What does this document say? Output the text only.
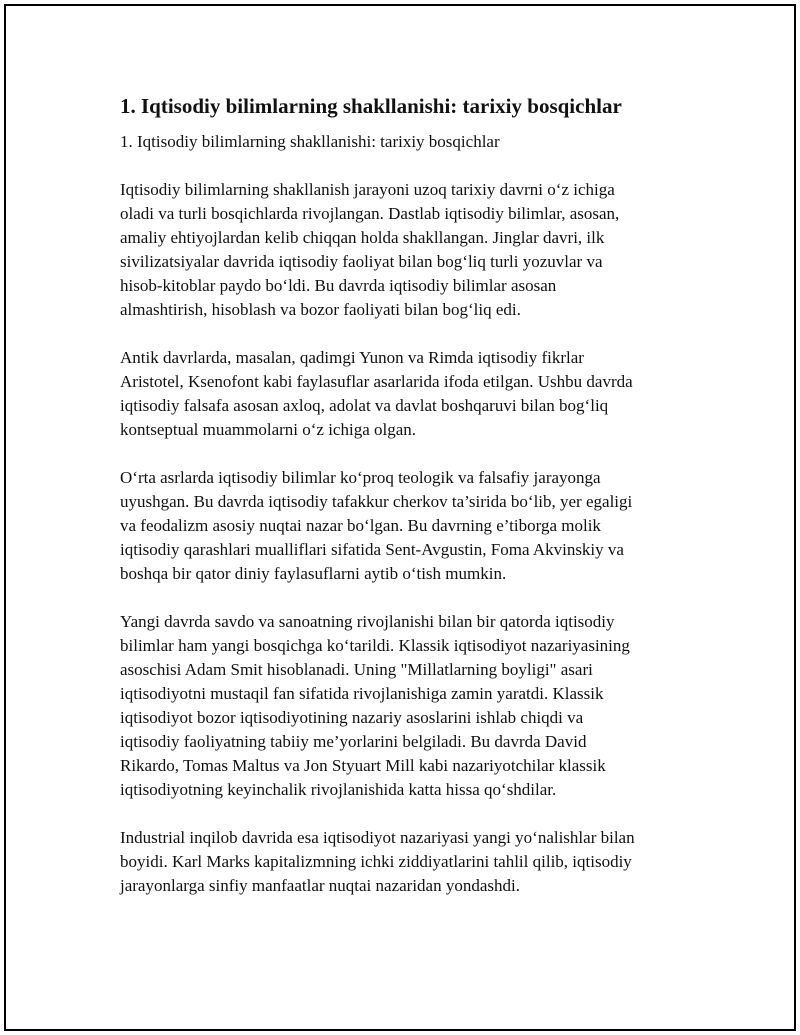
1. Iqtisodiy bilimlarning shakllanishi: tarixiy bosqichlar
1. Iqtisodiy bilimlarning shakllanishi: tarixiy bosqichlar

Iqtisodiy bilimlarning shakllanish jarayoni uzoq tarixiy davrni o‘z ichiga
oladi va turli bosqichlarda rivojlangan. Dastlab iqtisodiy bilimlar, asosan,
amaliy ehtiyojlardan kelib chiqqan holda shakllangan. Jinglar davri, ilk
sivilizatsiyalar davrida iqtisodiy faoliyat bilan bog‘liq turli yozuvlar va
hisob-kitoblar paydo bo‘ldi. Bu davrda iqtisodiy bilimlar asosan
almashtirish, hisoblash va bozor faoliyati bilan bog‘liq edi.

Antik davrlarda, masalan, qadimgi Yunon va Rimda iqtisodiy fikrlar
Aristotel, Ksenofont kabi faylasuflar asarlarida ifoda etilgan. Ushbu davrda
iqtisodiy falsafa asosan axloq, adolat va davlat boshqaruvi bilan bog‘liq
kontseptual muammolarni o‘z ichiga olgan.

O‘rta asrlarda iqtisodiy bilimlar ko‘proq teologik va falsafiy jarayonga
uyushgan. Bu davrda iqtisodiy tafakkur cherkov ta’sirida bo‘lib, yer egaligi
va feodalizm asosiy nuqtai nazar bo‘lgan. Bu davrning e’tiborga molik
iqtisodiy qarashlari mualliflari sifatida Sent-Avgustin, Foma Akvinskiy va
boshqa bir qator diniy faylasuflarni aytib o‘tish mumkin.

Yangi davrda savdo va sanoatning rivojlanishi bilan bir qatorda iqtisodiy
bilimlar ham yangi bosqichga ko‘tarildi. Klassik iqtisodiyot nazariyasining
asoschisi Adam Smit hisoblanadi. Uning "Millatlarning boyligi" asari
iqtisodiyotni mustaqil fan sifatida rivojlanishiga zamin yaratdi. Klassik
iqtisodiyot bozor iqtisodiyotining nazariy asoslarini ishlab chiqdi va
iqtisodiy faoliyatning tabiiy me’yorlarini belgiladi. Bu davrda David
Rikardo, Tomas Maltus va Jon Styuart Mill kabi nazariyotchilar klassik
iqtisodiyotning keyinchalik rivojlanishida katta hissa qo‘shdilar.

Industrial inqilob davrida esa iqtisodiyot nazariyasi yangi yo‘nalishlar bilan
boyidi. Karl Marks kapitalizmning ichki ziddiyatlarini tahlil qilib, iqtisodiy
jarayonlarga sinfiy manfaatlar nuqtai nazaridan yondashdi.
